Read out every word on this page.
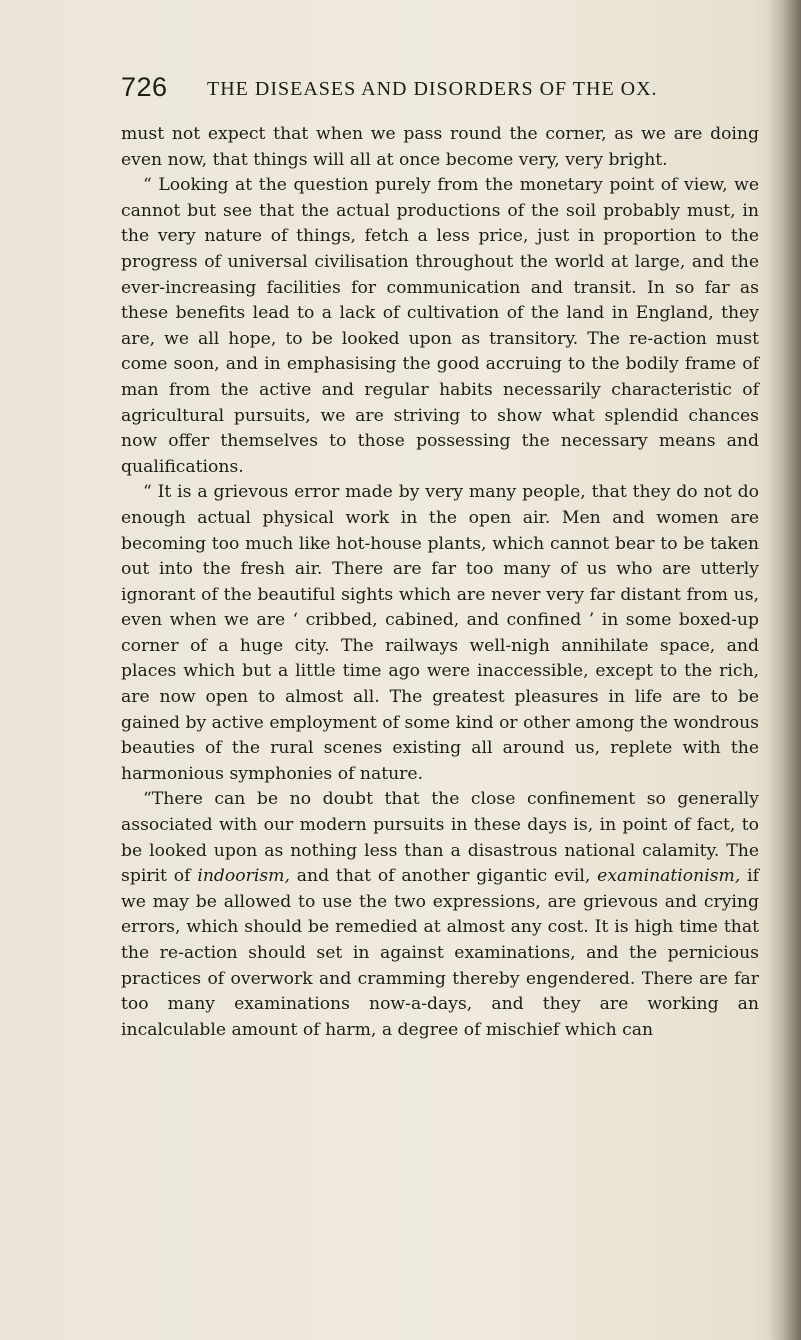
726 THE DISEASES AND DISORDERS OF THE OX.

must not expect that when we pass round the corner, as we are doing even now, that things will all at once become very, very bright.

“ Looking at the question purely from the monetary point of view, we cannot but see that the actual productions of the soil probably must, in the very nature of things, fetch a less price, just in proportion to the progress of universal civilisation throughout the world at large, and the ever-increasing facilities for communication and transit. In so far as these benefits lead to a lack of cultivation of the land in England, they are, we all hope, to be looked upon as transitory. The re-action must come soon, and in emphasising the good accruing to the bodily frame of man from the active and regular habits necessarily characteristic of agricultural pursuits, we are striving to show what splendid chances now offer themselves to those possessing the necessary means and qualifications.

“ It is a grievous error made by very many people, that they do not do enough actual physical work in the open air. Men and women are becoming too much like hot-house plants, which cannot bear to be taken out into the fresh air. There are far too many of us who are utterly ignorant of the beautiful sights which are never very far distant from us, even when we are ‘ cribbed, cabined, and confined ’ in some boxed-up corner of a huge city. The railways well-nigh annihilate space, and places which but a little time ago were inaccessible, except to the rich, are now open to almost all. The greatest pleasures in life are to be gained by active employment of some kind or other among the wondrous beauties of the rural scenes existing all around us, replete with the harmonious symphonies of nature.

“There can be no doubt that the close confinement so generally associated with our modern pursuits in these days is, in point of fact, to be looked upon as nothing less than a disastrous national calamity. The spirit of indoorism, and that of another gigantic evil, examinationism, if we may be allowed to use the two expressions, are grievous and crying errors, which should be remedied at almost any cost. It is high time that the re-action should set in against examinations, and the pernicious practices of overwork and cramming thereby engendered. There are far too many examinations now-a-days, and they are working an incalculable amount of harm, a degree of mischief which can
